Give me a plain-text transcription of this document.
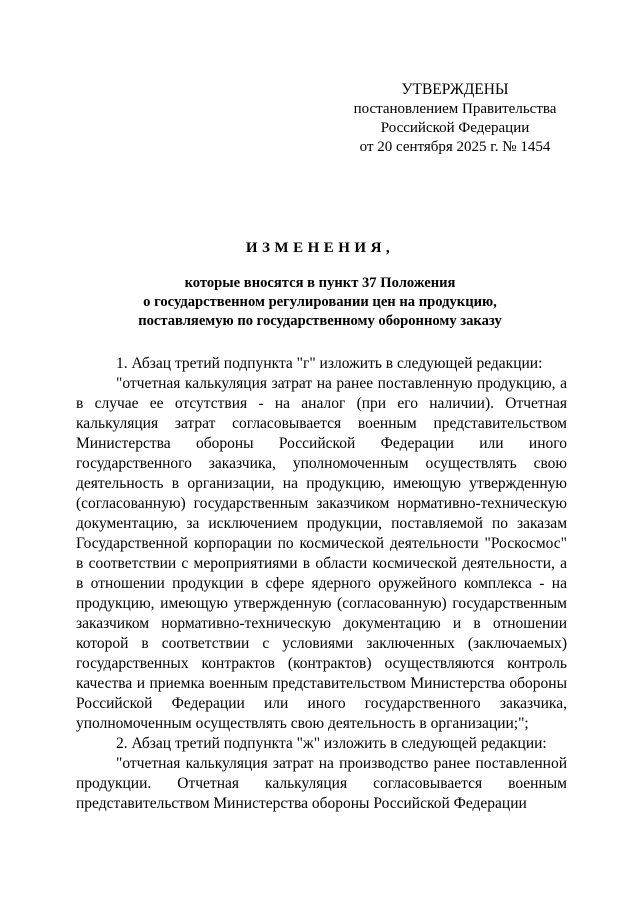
УТВЕРЖДЕНЫ
постановлением Правительства
Российской Федерации
от 20 сентября 2025 г. № 1454
ИЗМЕНЕНИЯ,
которые вносятся в пункт 37 Положения
о государственном регулировании цен на продукцию,
поставляемую по государственному оборонному заказу

1. Абзац третий подпункта "г" изложить в следующей редакции:

"отчетная калькуляция затрат на ранее поставленную продукцию, а в случае ее отсутствия - на аналог (при его наличии). Отчетная калькуляция затрат согласовывается военным представительством Министерства обороны Российской Федерации или иного государственного заказчика, уполномоченным осуществлять свою деятельность в организации, на продукцию, имеющую утвержденную (согласованную) государственным заказчиком нормативно-техническую документацию, за исключением продукции, поставляемой по заказам Государственной корпорации по космической деятельности "Роскосмос" в соответствии с мероприятиями в области космической деятельности, а в отношении продукции в сфере ядерного оружейного комплекса - на продукцию, имеющую утвержденную (согласованную) государственным заказчиком нормативно-техническую документацию и в отношении которой в соответствии с условиями заключенных (заключаемых) государственных контрактов (контрактов) осуществляются контроль качества и приемка военным представительством Министерства обороны Российской Федерации или иного государственного заказчика, уполномоченным осуществлять свою деятельность в организации;";

2. Абзац третий подпункта "ж" изложить в следующей редакции:

"отчетная калькуляция затрат на производство ранее поставленной продукции. Отчетная калькуляция согласовывается военным представительством Министерства обороны Российской Федерации
